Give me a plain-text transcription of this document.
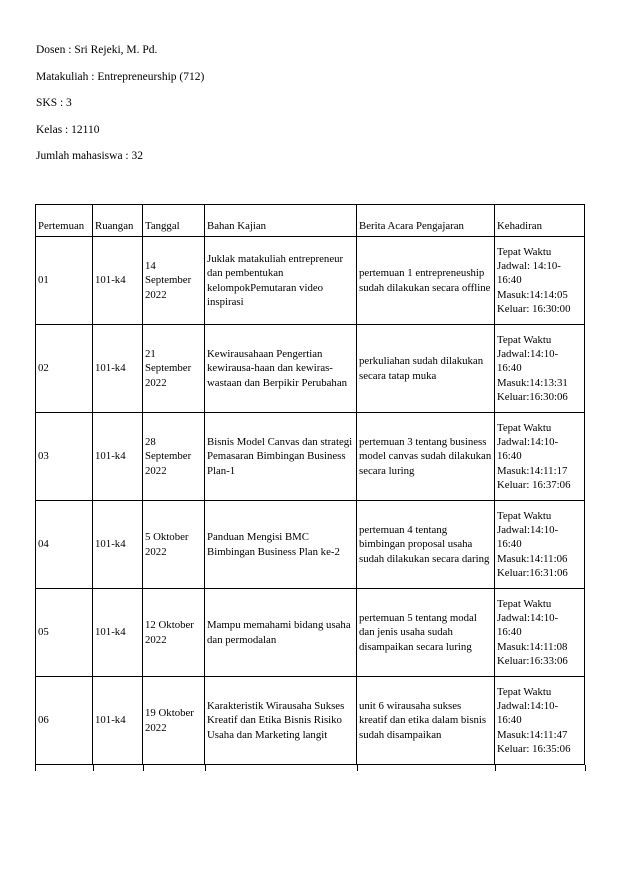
Dosen : Sri Rejeki, M. Pd.
Matakuliah : Entrepreneurship (712)
SKS : 3
Kelas : 12110
Jumlah mahasiswa : 32
Pertemuan	Ruangan	Tanggal	Bahan Kajian	Berita Acara Pengajaran	Kehadiran
01	101-k4	14 September 2022	Juklak matakuliah entrepreneur dan pembentukan kelompokPemutaran video inspirasi	pertemuan 1 entrepreneuship sudah dilakukan secara offline	Tepat Waktu
Jadwal: 14:10-16:40
Masuk:14:14:05
Keluar: 16:30:00

02	101-k4	21 September 2022	Kewirausahaan Pengertian kewirausa-haan dan kewiras-wastaan dan Berpikir Perubahan	perkuliahan sudah dilakukan secara tatap muka	Tepat Waktu
Jadwal:14:10-16:40
Masuk:14:13:31
Keluar:16:30:06

03	101-k4	28 September 2022	Bisnis Model Canvas dan strategi Pemasaran Bimbingan Business Plan-1	pertemuan 3 tentang business model canvas sudah dilakukan secara luring	Tepat Waktu
Jadwal:14:10-16:40
Masuk:14:11:17
Keluar: 16:37:06

04	101-k4	5 Oktober 2022	Panduan Mengisi BMC Bimbingan Business Plan ke-2	pertemuan 4 tentang bimbingan proposal usaha sudah dilakukan secara daring	Tepat Waktu
Jadwal:14:10-16:40
Masuk:14:11:06
Keluar:16:31:06

05	101-k4	12 Oktober 2022	Mampu memahami bidang usaha dan permodalan	pertemuan 5 tentang modal dan jenis usaha sudah disampaikan secara luring	Tepat Waktu
Jadwal:14:10-16:40
Masuk:14:11:08
Keluar:16:33:06

06	101-k4	19 Oktober 2022	Karakteristik Wirausaha Sukses Kreatif dan Etika Bisnis Risiko Usaha dan Marketing langit	unit 6 wirausaha sukses kreatif dan etika dalam bisnis sudah disampaikan	Tepat Waktu
Jadwal:14:10-16:40
Masuk:14:11:47
Keluar: 16:35:06
